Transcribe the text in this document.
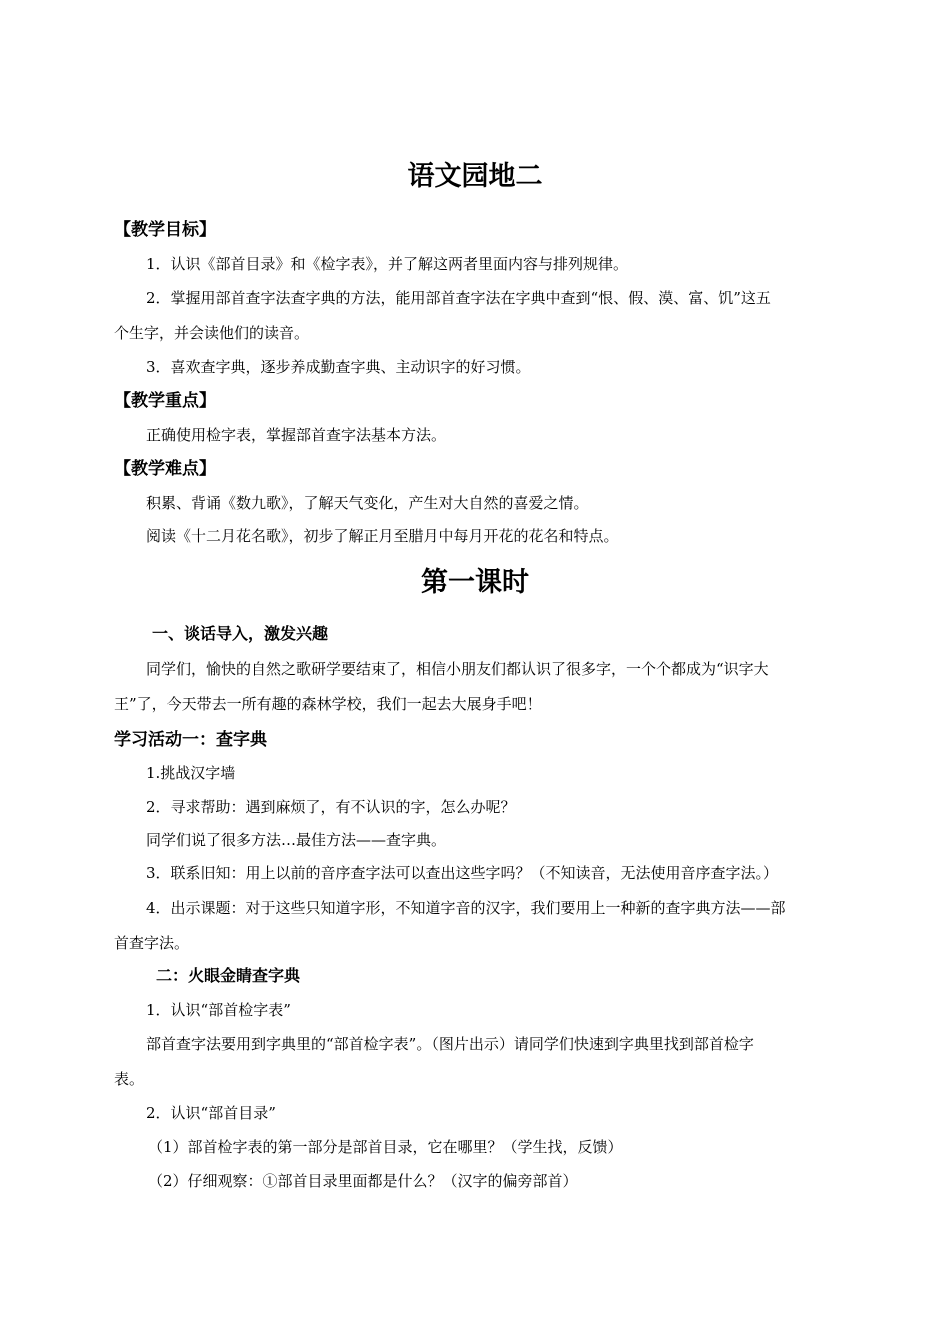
语文园地二
【教学目标】
1．认识《部首目录》和《检字表》，并了解这两者里面内容与排列规律。
2．掌握用部首查字法查字典的方法，能用部首查字法在字典中查到“恨、假、漠、富、饥”这五
个生字，并会读他们的读音。
3．喜欢查字典，逐步养成勤查字典、主动识字的好习惯。
【教学重点】
正确使用检字表，掌握部首查字法基本方法。
【教学难点】
积累、背诵《数九歌》，了解天气变化，产生对大自然的喜爱之情。
阅读《十二月花名歌》，初步了解正月至腊月中每月开花的花名和特点。
第一课时
一、谈话导入，激发兴趣
同学们，愉快的自然之歌研学要结束了，相信小朋友们都认识了很多字，一个个都成为“识字大
王”了，今天带去一所有趣的森林学校，我们一起去大展身手吧！
学习活动一：查字典
1.挑战汉字墙
2．寻求帮助：遇到麻烦了，有不认识的字，怎么办呢？
同学们说了很多方法…最佳方法——查字典。
3．联系旧知：用上以前的音序查字法可以查出这些字吗？（不知读音，无法使用音序查字法。）
4．出示课题：对于这些只知道字形，不知道字音的汉字，我们要用上一种新的查字典方法——部
首查字法。
二：火眼金睛查字典
1．认识“部首检字表”
部首查字法要用到字典里的“部首检字表”。（图片出示）请同学们快速到字典里找到部首检字
表。
2．认识“部首目录”
（1）部首检字表的第一部分是部首目录，它在哪里？（学生找，反馈）
（2）仔细观察：①部首目录里面都是什么？（汉字的偏旁部首）
